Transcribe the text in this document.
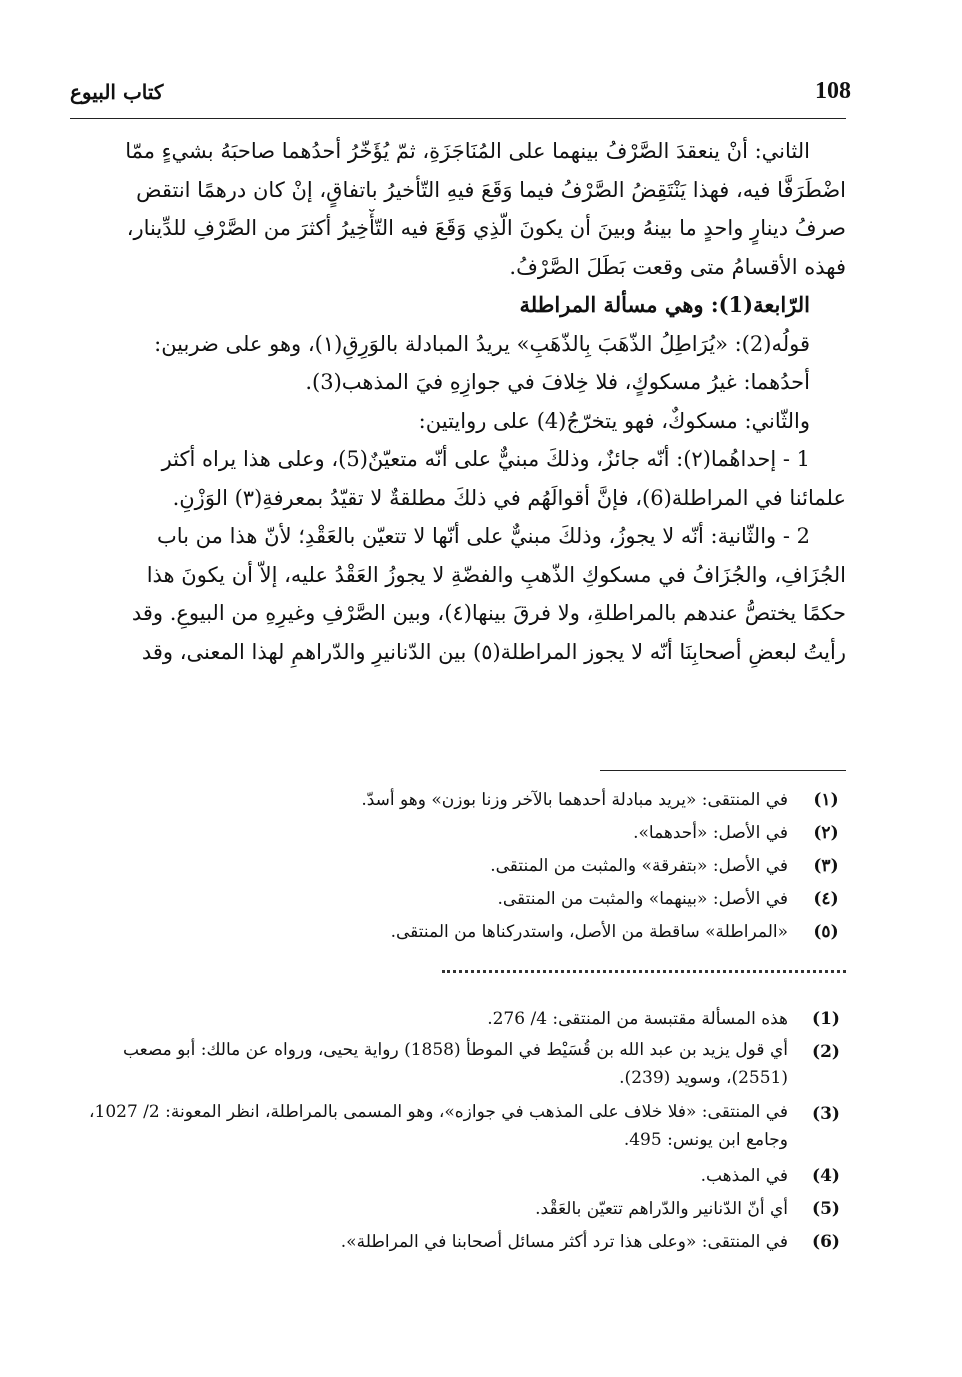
108
كتاب البيوع
الثاني: أنْ ينعقدَ الصَّرْفُ بينهما على المُنَاجَزَةِ، ثمّ يُؤَخّرُ أحدُهما صاحبَهُ بشيءٍ ممّا
اضْطَرَفَّا فيه، فهذا يَنْتَقِضُ الصَّرْفُ فيما وَقَعَ فيهِ التّأخيرُ باتفاقٍ، إنْ كان درهمًا انتقض
صرفُ دينارٍ واحدٍ ما بينهُ وبينَ أن يكونَ الّذِي وَقَعَ فيه التّأْخِيرُ أكثرَ من الصَّرْفِ للدِّينار،
فهذه الأقسامُ متى وقعت بَطَلَ الصَّرْفُ.
الرّابعة(1): وهي مسألة المراطلة
قولُه(2): «يُرَاطِلُ الذّهَبَ بِالذّهَبِ» يريدُ المبادلة بالوَرِقِ(١)، وهو على ضربين:
أحدُهما: غيرُ مسكوكٍ، فلا خِلافَ في جوازِهِ فيَ المذهب(3).
والثّاني: مسكوكٌ، فهو يتخرّجُ(4) على روايتين:
1 - إحداهُما(٢): أنّه جائزٌ، وذلكَ مبنيٌّ على أنّه متعيّنٌ(5)، وعلى هذا يراه أكثر
علمائنا في المراطلة(6)، فإنَّ أقوالَهُم في ذلكَ مطلقةٌ لا تقيّدُ بمعرفةِ(٣) الوَزْنِ.
2 - والثّانية: أنّه لا يجوزُ، وذلكَ مبنيٌّ على أنّها لا تتعيّن بالعَقْدِ؛ لأنّ هذا من باب
الجُزَافِ، والجُزَافُ في مسكوكِ الذّهبِ والفضّةِ لا يجوزُ العَقْدُ عليه، إلاّ أن يكونَ هذا
حكمًا يختصُّ عندهم بالمراطلةِ، ولا فرقَ بينها(٤)، وبين الصَّرْفِ وغيرِهِ من البيوعِ. وقد
رأيتُ لبعضِ أصحابِنَا أنّه لا يجوز المراطلة(٥) بين الدّنانيرِ والدّراهمِ لهذا المعنى، وقد
(١)
في المنتقى: «يريد مبادلة أحدهما بالآخر وزنا بوزن» وهو أسدّ.
(٢)
في الأصل: «أحدهما».
(٣)
في الأصل: «بتفرقة» والمثبت من المنتقى.
(٤)
في الأصل: «بينهما» والمثبت من المنتقى.
(٥)
«المراطلة» ساقطة من الأصل، واستدركناها من المنتقى.
(1)
هذه المسألة مقتبسة من المنتقى: 4/ 276.
(2)
أي قول يزيد بن عبد الله بن قُسَيْط في الموطأ (1858) رواية يحيى، ورواه عن مالك: أبو مصعب (2551)، وسويد (239).
(3)
في المنتقى: «فلا خلاف على المذهب في جوازه»، وهو المسمى بالمراطلة، انظر المعونة: 2/ 1027، وجامع ابن يونس: 495.
(4)
في المذهب.
(5)
أي أنّ الدّنانير والدّراهم تتعيّن بالعَقْد.
(6)
في المنتقى: «وعلى هذا ترد أكثر مسائل أصحابنا في المراطلة».
